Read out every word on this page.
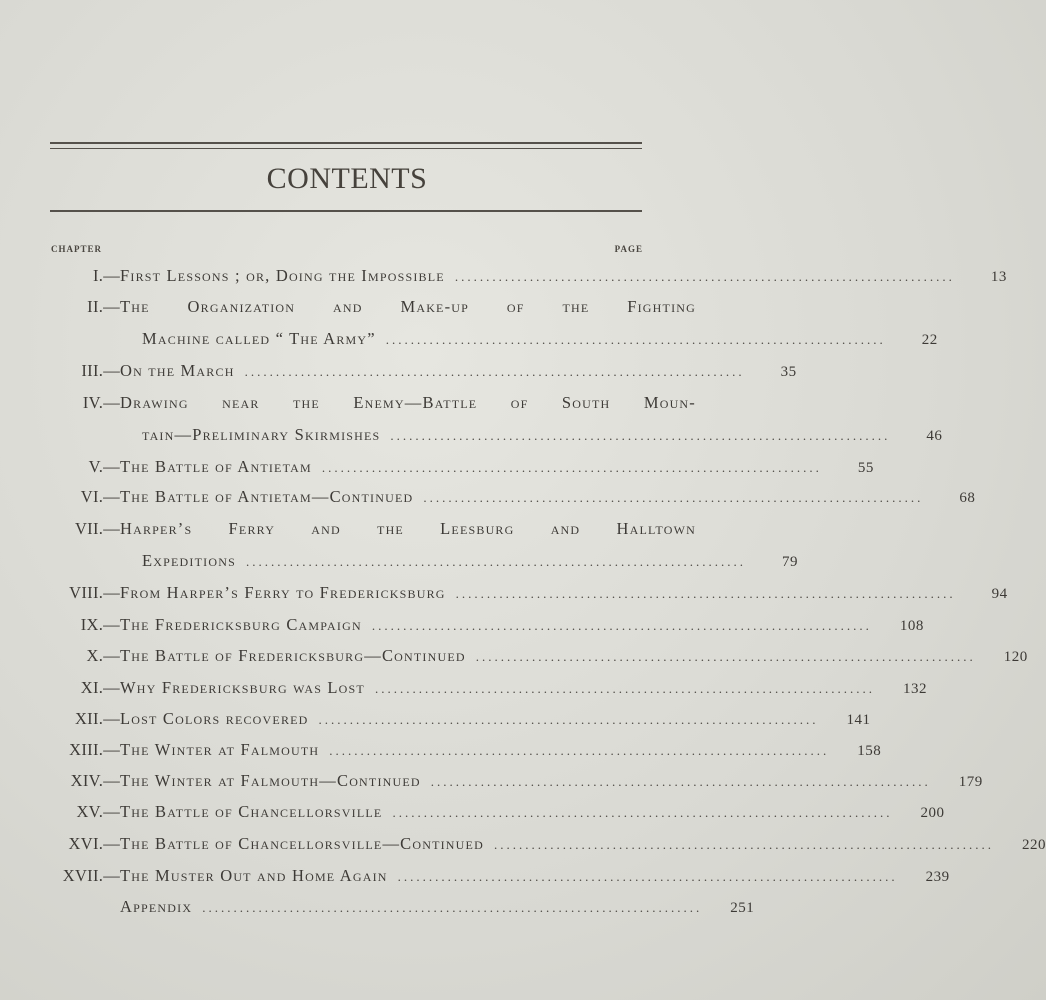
CONTENTS
CHAPTER	PAGE
I.— First Lessons ; or, Doing the Impossible ................................................................................	13
II.— The Organization and Make-up of the Fighting
Machine called “ The Army” ................................................................................	22
III.— On the March ................................................................................	35
IV.— Drawing near the Enemy—Battle of South Moun-
tain—Preliminary Skirmishes ................................................................................	46
V.— The Battle of Antietam ................................................................................	55
VI.— The Battle of Antietam—Continued ................................................................................	68
VII.— Harper’s Ferry and the Leesburg and Halltown
Expeditions ................................................................................	79
VIII.— From Harper’s Ferry to Fredericksburg ................................................................................	94
IX.— The Fredericksburg Campaign ................................................................................	108
X.— The Battle of Fredericksburg—Continued ................................................................................	120
XI.— Why Fredericksburg was Lost ................................................................................	132
XII.— Lost Colors recovered ................................................................................	141
XIII.— The Winter at Falmouth ................................................................................	158
XIV.— The Winter at Falmouth—Continued ................................................................................	179
XV.— The Battle of Chancellorsville ................................................................................	200
XVI.— The Battle of Chancellorsville—Continued ................................................................................	220
XVII.— The Muster Out and Home Again ................................................................................	239
Appendix ................................................................................	251
